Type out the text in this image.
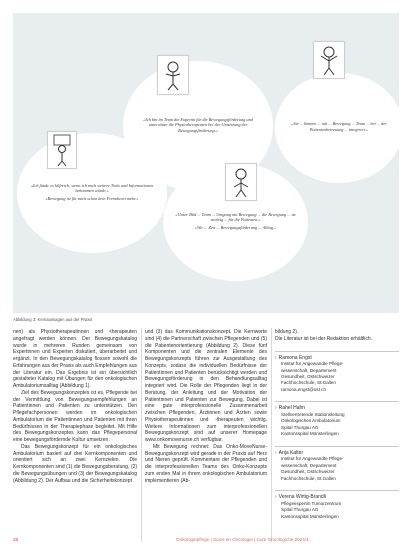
«Ich bin im Team die Expertin für die Bewegungsförderung und unterstütze die Physiotherapeuten bei der Umsetzung der Bewegungsförderung.»

«Ich fände es hilfreich, wenn ich noch weitere Tools und Informationen bekommen würde.»

«Bewegung ist für mich schon kein Fremdwort mehr.»

«Unser Bild ... Team ... Umgang mit Bewegung ... die Bewegung ... ist wichtig ... für die Patienten.»

«Wir ... Zeit ... Bewegungsförderung ... Alltag.»

«Sie ... können ... mit ... Bewegung ... Team ... bei ... der Patientenbetreuung ... integriert.»

Abbildung 3: Kernaussagen aus der Praxis

nen) als Physiotherapeutinnen und -therapeuten angefragt werden können. Der Bewegungskatalog wurde in mehreren Runden gemeinsam von Expertinnen und Experten diskutiert, überarbeitet und ergänzt. In den Bewegungskatalog flossen sowohl die Erfahrungen aus der Praxis als auch Empfehlungen aus der Literatur ein. Das Ergebnis ist ein übersichtlich gestalteter Katalog mit Übungen für den onkologischen Ambulatoriumsalltag (Abbildung 1).

Ziel des Bewegungskonzeptes ist es, Pflegende bei der Vermittlung von Bewegungsempfehlungen an Patientinnen und Patienten zu unterstützen. Den Pflegefachpersonen werden im onkologischen Ambulatorium die Patientinnen und Patienten mit ihren Bedürfnissen in der Therapiephase begleitet. Mit Hilfe des Bewegungskonzeptes kann das Pflegepersonal eine bewegungsfördernde Kultur umsetzen.

Das Bewegungskonzept für ein onkologisches Ambulatorium basiert auf drei Kernkomponenten und orientiert sich an zwei Kernzielen. Die Kernkomponenten sind (1) die Bewegungsberatung, (2) die Bewegungsübungen und (3) der Bewegungskatalog (Abbildung 2). Der Aufbau und die Sicherheitskonzept

und (3) das Kommunikationskonzept. Die Kernwerte sind (4) die Partnerschaft zwischen Pflegenden und (5) die Patientenorientierung (Abbildung 2). Diese fünf Komponenten und die zentralen Elemente des Bewegungskonzepts führen zur Ausgestaltung des Konzepts, sodass die individuellen Bedürfnisse der Patientinnen und Patienten berücksichtigt werden und Bewegungsförderung in den Behandlungsalltag integriert wird. Die Rolle der Pflegenden liegt in der Beratung, der Anleitung und der Motivation der Patientinnen und Patienten zur Bewegung. Dabei ist eine gute interprofessionelle Zusammenarbeit zwischen Pflegenden, Ärztinnen und Ärzten sowie Physiotherapeutinnen und -therapeuten wichtig. Weitere Informationen zum interprofessionellen Bewegungskonzept sind auf unserer Homepage www.onkomovenurse.ch verfügbar.

Mit Bewegung rechnet: Das Onko-MoveNurse-Bewegungskonzept wird gerade in der Praxis auf Herz und Nieren geprüft. Kommentare der Pflegenden und die interprofessionellen Teams des Onko-Konzepts zum ersten Mal in ihrem onkologischen Ambulatorium implementieren (Ab-

bildung 2).

Die Literatur ist bei der Redaktion erhältlich.

› Ramona Engst
Institut für Angewandte Pflege-
wissenschaft, Departement
Gesundheit, Ostschweizer
Fachhochschule, St.Gallen
ramona.engst@ost.ch
› Rahel Hahn
Stellvertretende Stationsleitung
Onkologisches Ambulatorium
Spital Thurgau AG
Kantonsspital Münsterlingen
› Anja Kalter
Institut für Angewandte Pflege-
wissenschaft, Departement
Gesundheit, Ostschweizer
Fachhochschule, St.Gallen
› Verena Wirtig-Brandli
Pflegeexpertin Tumorzentrum
Spital Thurgau AG
Kantonsspital Münsterlingen
28	Onkologiepflege | Soins en Oncologie | Cure Oncologiche 2024/4
